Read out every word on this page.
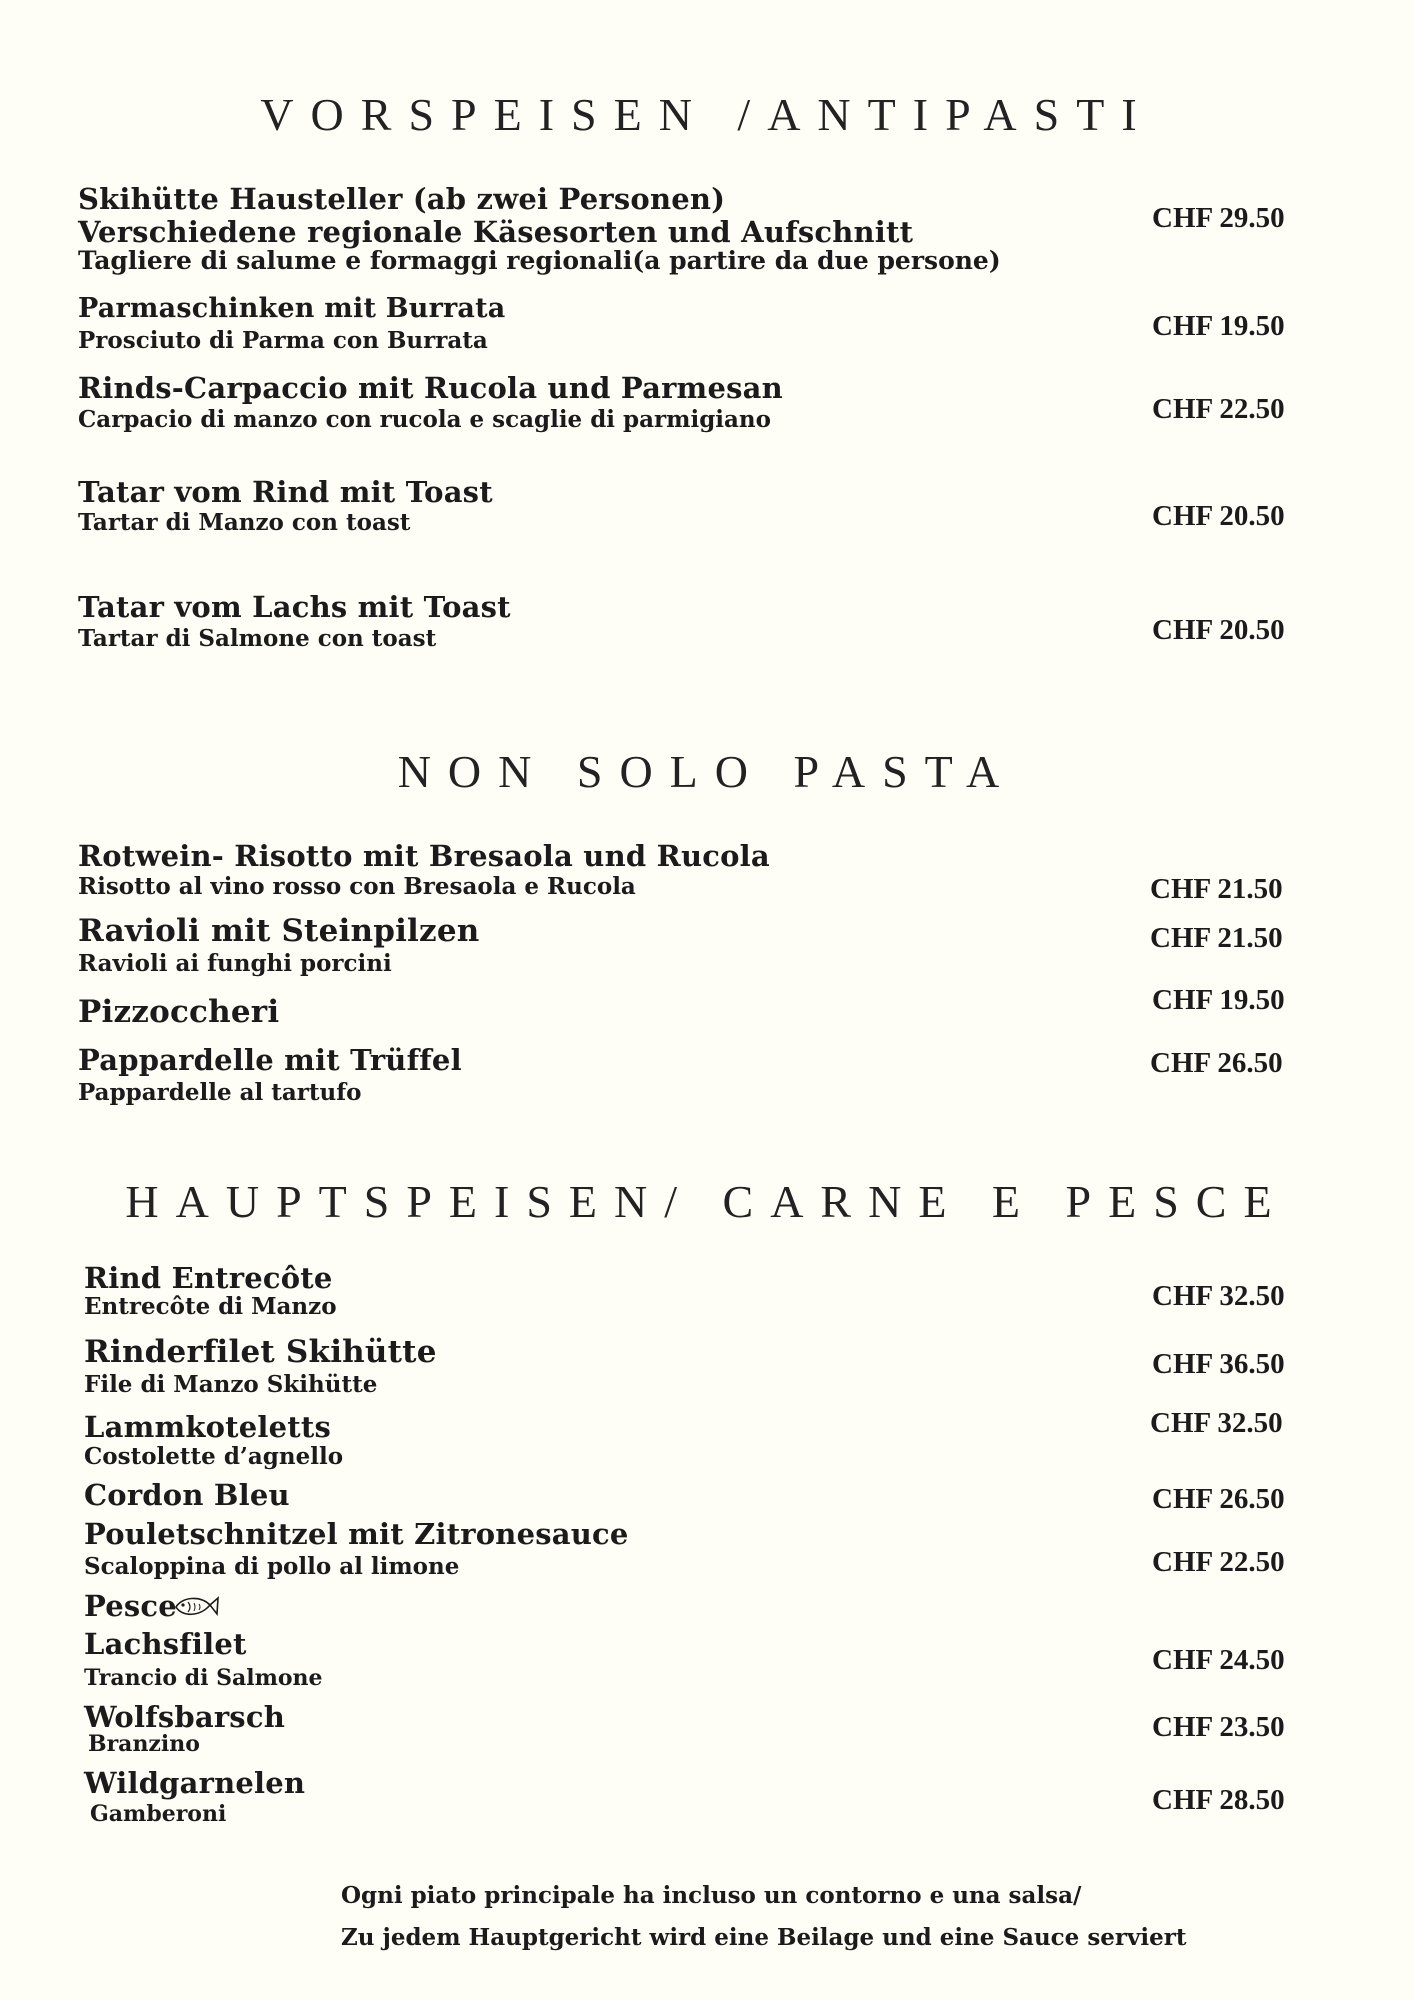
VORSPEISEN /ANTIPASTI
Skihütte Hausteller (ab zwei Personen)
Verschiedene regionale Käsesorten und Aufschnitt
Tagliere di salume e formaggi regionali(a partire da due persone)
CHF 29.50
Parmaschinken mit Burrata
Prosciuto di Parma con Burrata	CHF 19.50
Rinds-Carpaccio mit Rucola und Parmesan
Carpacio di manzo con rucola e scaglie di parmigiano	CHF 22.50
Tatar vom Rind mit Toast
Tartar di Manzo con toast	CHF 20.50
Tatar vom Lachs mit Toast
Tartar di Salmone con toast	CHF 20.50
NON SOLO PASTA
Rotwein- Risotto mit Bresaola und Rucola
Risotto al vino rosso con Bresaola e Rucola	CHF 21.50
Ravioli mit Steinpilzen
Ravioli ai funghi porcini
CHF 21.50
Pizzoccheri	CHF 19.50
Pappardelle mit Trüffel
Pappardelle al tartufo
CHF 26.50
HAUPTSPEISEN/ CARNE E PESCE
Rind Entrecôte
Entrecôte di Manzo	CHF 32.50
Rinderfilet Skihütte
File di Manzo Skihütte
CHF 36.50
Lammkoteletts
Costolette d’agnello
CHF 32.50
Cordon Bleu	CHF 26.50
Pouletschnitzel mit Zitronesauce
Scaloppina di pollo al limone	CHF 22.50
Pesce
Lachsfilet
Trancio di Salmone
CHF 24.50
Wolfsbarsch
Branzino
CHF 23.50
Wildgarnelen
Gamberoni	CHF 28.50
Ogni piato principale ha incluso un contorno e una salsa/
Zu jedem Hauptgericht wird eine Beilage und eine Sauce serviert
